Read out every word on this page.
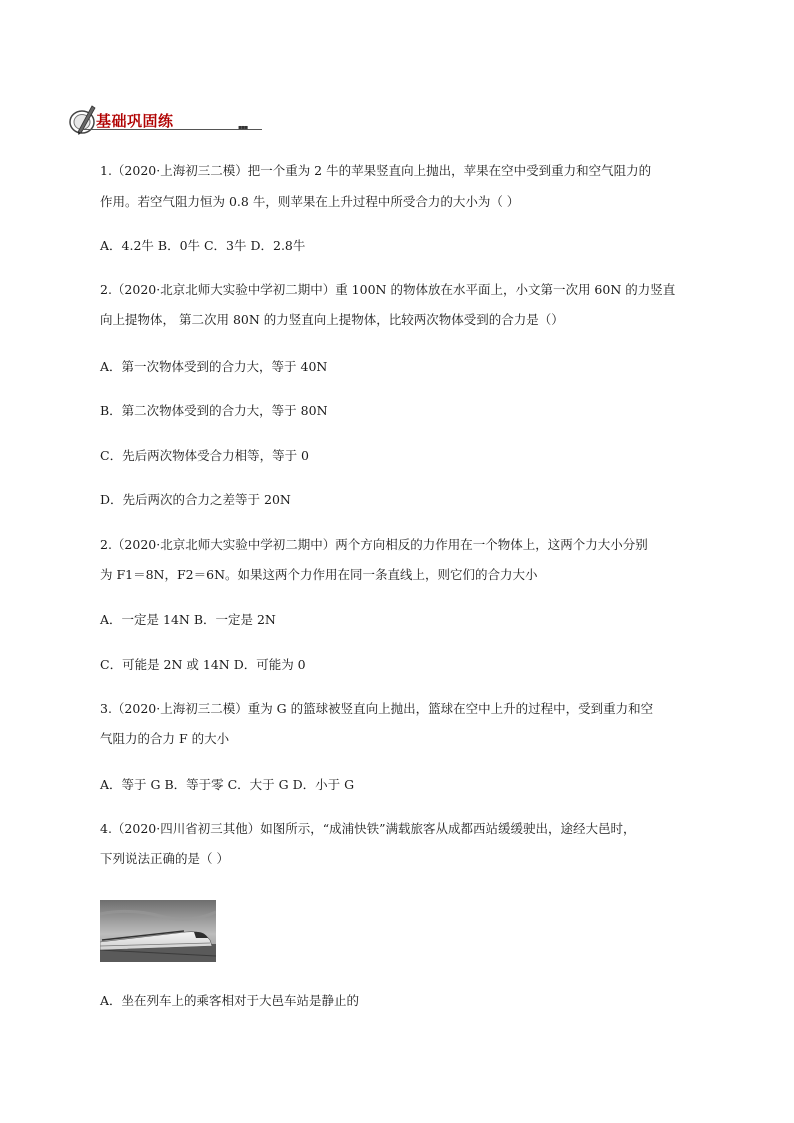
基础巩固练	▪▪▪
1.（2020·上海初三二模）把一个重为 2 牛的苹果竖直向上抛出，苹果在空中受到重力和空气阻力的
作用。若空气阻力恒为 0.8 牛，则苹果在上升过程中所受合力的大小为（ ）
A．4.2牛 B．0牛 C．3牛 D．2.8牛
2.（2020·北京北师大实验中学初二期中）重 100N 的物体放在水平面上，小文第一次用 60N 的力竖直
向上提物体， 第二次用 80N 的力竖直向上提物体，比较两次物体受到的合力是（）
A．第一次物体受到的合力大，等于 40N
B．第二次物体受到的合力大，等于 80N
C．先后两次物体受合力相等，等于 0
D．先后两次的合力之差等于 20N
2.（2020·北京北师大实验中学初二期中）两个方向相反的力作用在一个物体上，这两个力大小分别
为 F1＝8N，F2＝6N。如果这两个力作用在同一条直线上，则它们的合力大小
A．一定是 14N B．一定是 2N
C．可能是 2N 或 14N D．可能为 0
3.（2020·上海初三二模）重为 G 的篮球被竖直向上抛出，篮球在空中上升的过程中，受到重力和空
气阻力的合力 F 的大小
A．等于 G B．等于零 C．大于 G D．小于 G
4.（2020·四川省初三其他）如图所示，“成浦快铁”满载旅客从成都西站缓缓驶出，途经大邑时，
下列说法正确的是（ ）
A．坐在列车上的乘客相对于大邑车站是静止的
